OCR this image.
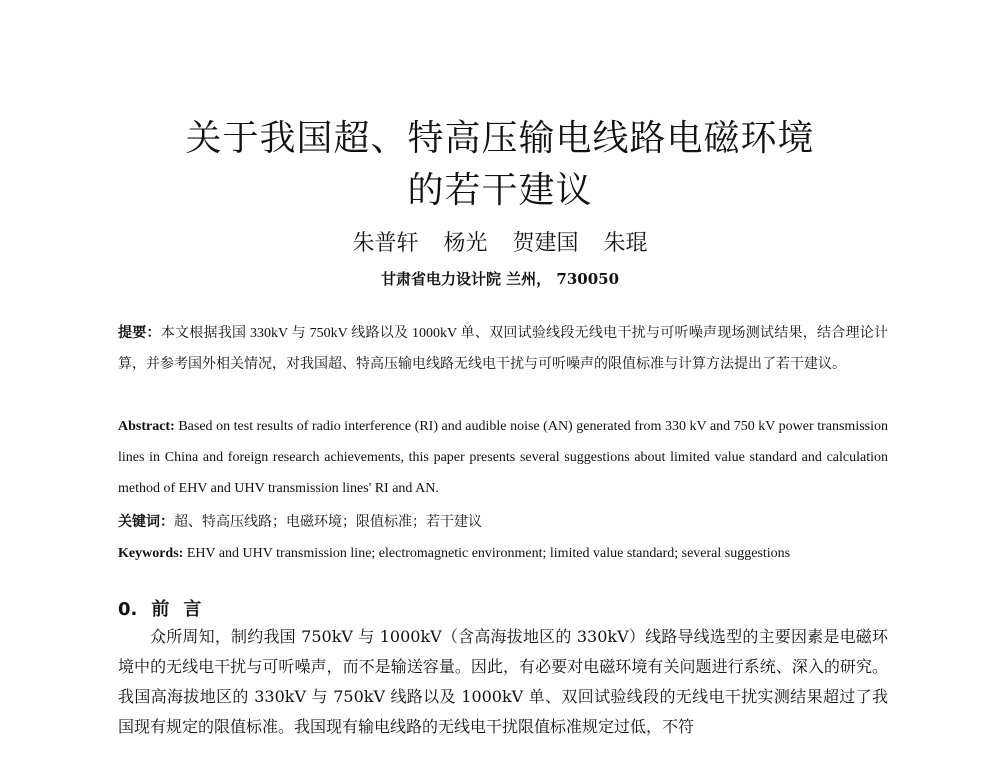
关于我国超、特高压输电线路电磁环境
的若干建议
朱普轩 杨光 贺建国 朱琨
甘肃省电力设计院 兰州， 730050

提要：本文根据我国 330kV 与 750kV 线路以及 1000kV 单、双回试验线段无线电干扰与可听噪声现场测试结果，结合理论计算，并参考国外相关情况，对我国超、特高压输电线路无线电干扰与可听噪声的限值标准与计算方法提出了若干建议。

Abstract: Based on test results of radio interference (RI) and audible noise (AN) generated from 330 kV and 750 kV power transmission lines in China and foreign research achievements, this paper presents several suggestions about limited value standard and calculation method of EHV and UHV transmission lines' RI and AN.

关键词：超、特高压线路；电磁环境；限值标准；若干建议

Keywords: EHV and UHV transmission line; electromagnetic environment; limited value standard; several suggestions

0. 前言

众所周知，制约我国 750kV 与 1000kV（含高海拔地区的 330kV）线路导线选型的主要因素是电磁环境中的无线电干扰与可听噪声，而不是输送容量。因此，有必要对电磁环境有关问题进行系统、深入的研究。我国高海拔地区的 330kV 与 750kV 线路以及 1000kV 单、双回试验线段的无线电干扰实测结果超过了我国现有规定的限值标准。我国现有输电线路的无线电干扰限值标准规定过低，不符
